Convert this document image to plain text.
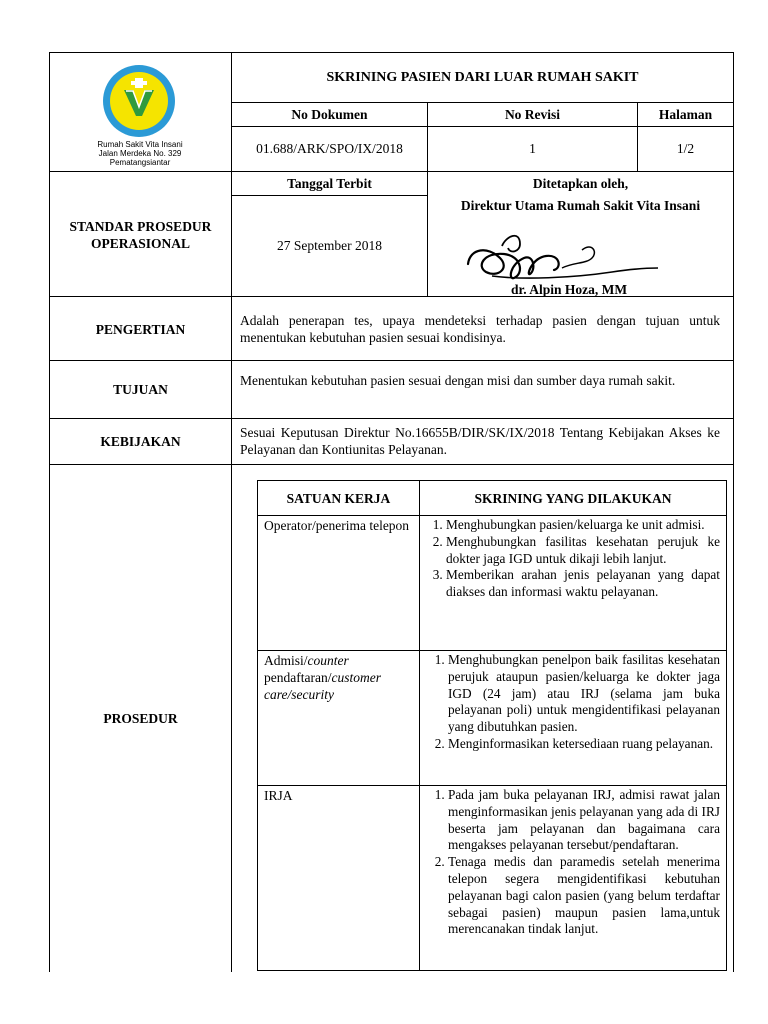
Rumah Sakit Vita Insani
Jalan Merdeka No. 329
Pematangsiantar
SKRINING PASIEN DARI LUAR RUMAH SAKIT
No Dokumen	No Revisi	Halaman
01.688/ARK/SPO/IX/2018	1	1/2
STANDAR PROSEDUR
OPERASIONAL
Tanggal Terbit
27 September 2018
Ditetapkan oleh,
Direktur Utama Rumah Sakit Vita Insani
dr. Alpin Hoza, MM
PENGERTIAN
Adalah penerapan tes, upaya mendeteksi terhadap pasien dengan tujuan untuk menentukan kebutuhan pasien sesuai kondisinya.
TUJUAN
Menentukan kebutuhan pasien sesuai dengan misi dan sumber daya rumah sakit.
KEBIJAKAN
Sesuai Keputusan Direktur No.16655B/DIR/SK/IX/2018 Tentang Kebijakan Akses ke Pelayanan dan Kontiunitas Pelayanan.
PROSEDUR
SATUAN KERJA	SKRINING YANG DILAKUKAN
Operator/penerima telepon	1. Menghubungkan pasien/keluarga ke unit admisi.
2. Menghubungkan fasilitas kesehatan perujuk ke dokter jaga IGD untuk dikaji lebih lanjut.
3. Memberikan arahan jenis pelayanan yang dapat diakses dan informasi waktu pelayanan.
Admisi/counter
pendaftaran/customer care/security
1. Menghubungkan penelpon baik fasilitas kesehatan perujuk ataupun pasien/keluarga ke dokter jaga IGD (24 jam) atau IRJ (selama jam buka pelayanan poli) untuk mengidentifikasi pelayanan yang dibutuhkan pasien.
2. Menginformasikan ketersediaan ruang pelayanan.
IRJA	1. Pada jam buka pelayanan IRJ, admisi rawat jalan menginformasikan jenis pelayanan yang ada di IRJ beserta jam pelayanan dan bagaimana cara mengakses pelayanan tersebut/pendaftaran.
2. Tenaga medis dan paramedis setelah menerima telepon segera mengidentifikasi kebutuhan pelayanan bagi calon pasien (yang belum terdaftar sebagai pasien) maupun pasien lama,untuk merencanakan tindak lanjut.
